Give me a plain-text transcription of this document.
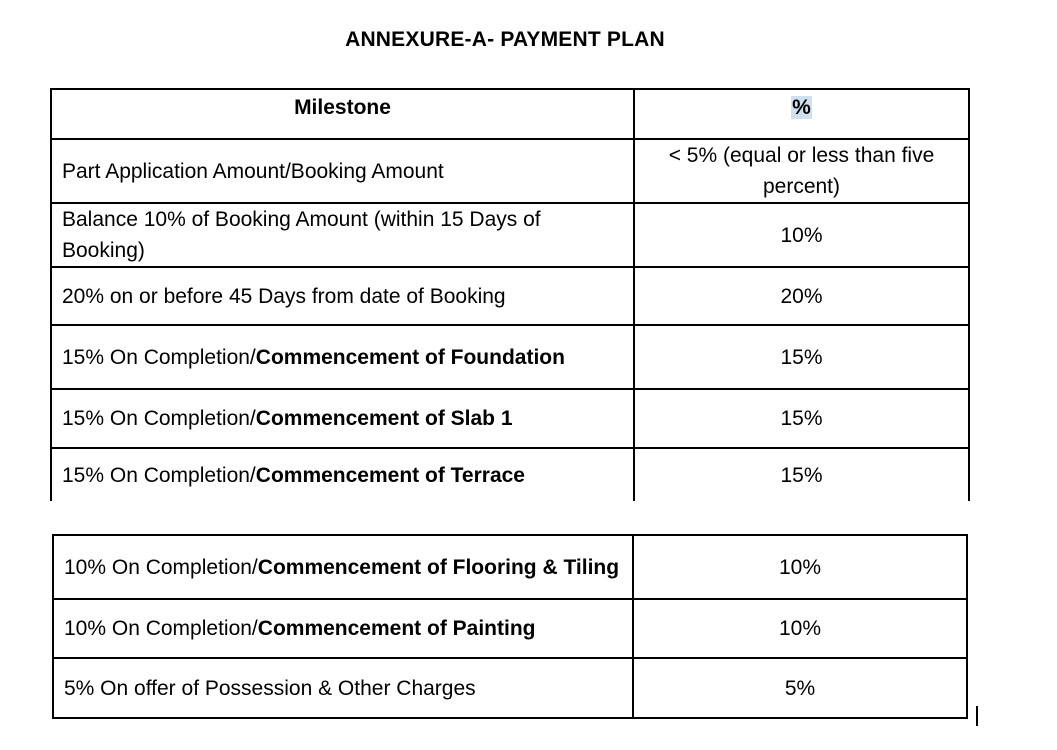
ANNEXURE-A- PAYMENT PLAN
Milestone	%
Part Application Amount/Booking Amount	< 5% (equal or less than five percent)
Balance 10% of Booking Amount (within 15 Days of Booking)	10%
20% on or before 45 Days from date of Booking	20%
15% On Completion/Commencement of Foundation	15%
15% On Completion/Commencement of Slab 1	15%
15% On Completion/Commencement of Terrace	15%
10% On Completion/Commencement of Flooring & Tiling	10%
10% On Completion/Commencement of Painting	10%
5% On offer of Possession & Other Charges	5%
